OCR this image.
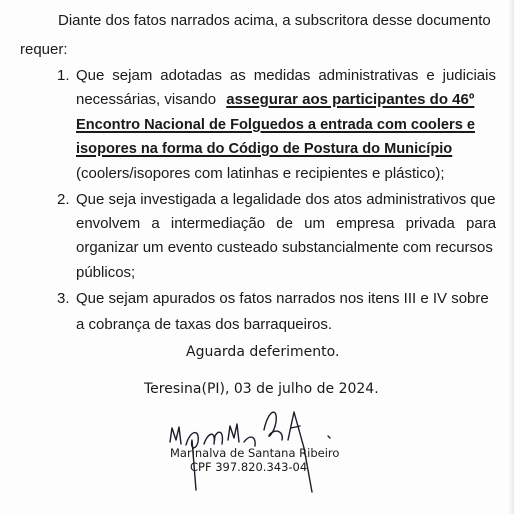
Diante dos fatos narrados acima, a subscritora desse documento
requer:
1. Que sejam adotadas as medidas administrativas e judiciais
necessárias, visando assegurar aos participantes do 46º
Encontro Nacional de Folguedos a entrada com coolers e
isopores na forma do Código de Postura do Município
(coolers/isopores com latinhas e recipientes e plástico);
2. Que seja investigada a legalidade dos atos administrativos que
envolvem a intermediação de um empresa privada para
organizar um evento custeado substancialmente com recursos
públicos;
3. Que sejam apurados os fatos narrados nos itens III e IV sobre
a cobrança de taxas dos barraqueiros.
Aguarda deferimento.
Teresina(PI), 03 de julho de 2024.
Marinalva de Santana Ribeiro
CPF 397.820.343-04
